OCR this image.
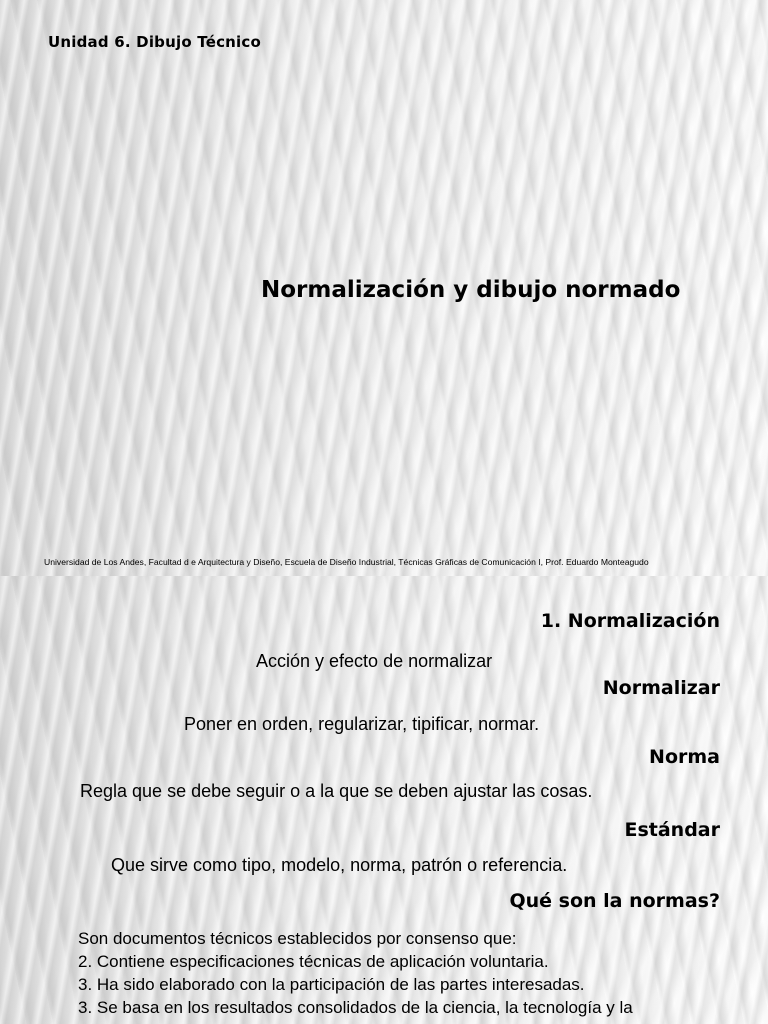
Unidad 6. Dibujo Técnico
Normalización y dibujo normado
Universidad de Los Andes, Facultad d e Arquitectura y Diseño, Escuela de Diseño Industrial, Técnicas Gráficas de Comunicación I, Prof. Eduardo Monteagudo
1. Normalización
Acción y efecto de normalizar
Normalizar
Poner en orden, regularizar, tipificar, normar.
Norma
Regla que se debe seguir o a la que se deben ajustar las cosas.
Estándar
Que sirve como tipo, modelo, norma, patrón o referencia.
Qué son la normas?
Son documentos técnicos establecidos por consenso que:
2. Contiene especificaciones técnicas de aplicación voluntaria.
3. Ha sido elaborado con la participación de las partes interesadas.
3. Se basa en los resultados consolidados de la ciencia, la tecnología y la
